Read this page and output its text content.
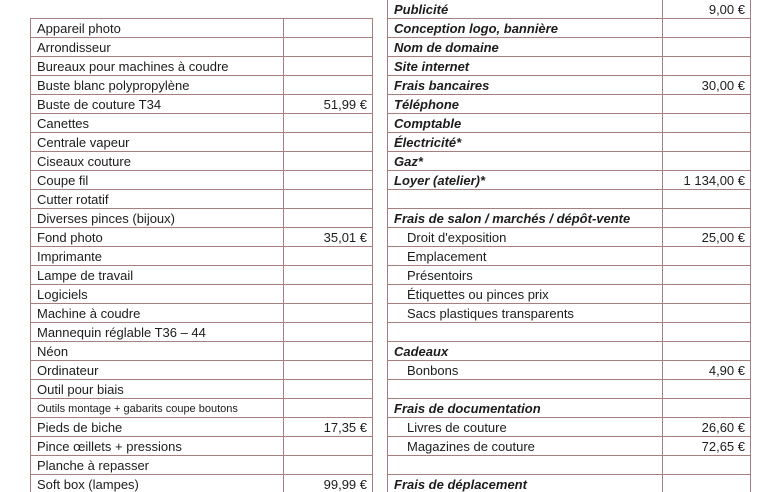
Appareil photo
Arrondisseur
Bureaux pour machines à coudre
Buste blanc polypropylène
Buste de couture T34	51,99 €
Canettes
Centrale vapeur
Ciseaux couture
Coupe fil
Cutter rotatif
Diverses pinces (bijoux)
Fond photo	35,01 €
Imprimante
Lampe de travail
Logiciels
Machine à coudre
Mannequin réglable T36 – 44
Néon
Ordinateur
Outil pour biais
Outils montage + gabarits coupe boutons
Pieds de biche	17,35 €
Pince œillets + pressions
Planche à repasser
Soft box (lampes)	99,99 €
Publicité	9,00 €
Conception logo, bannière
Nom de domaine
Site internet
Frais bancaires	30,00 €
Téléphone
Comptable
Électricité*
Gaz*
Loyer (atelier)*	1 134,00 €
Frais de salon / marchés / dépôt-vente
Droit d'exposition	25,00 €
Emplacement
Présentoirs
Étiquettes ou pinces prix
Sacs plastiques transparents
Cadeaux
Bonbons	4,90 €
Frais de documentation
Livres de couture	26,60 €
Magazines de couture	72,65 €
Frais de déplacement
